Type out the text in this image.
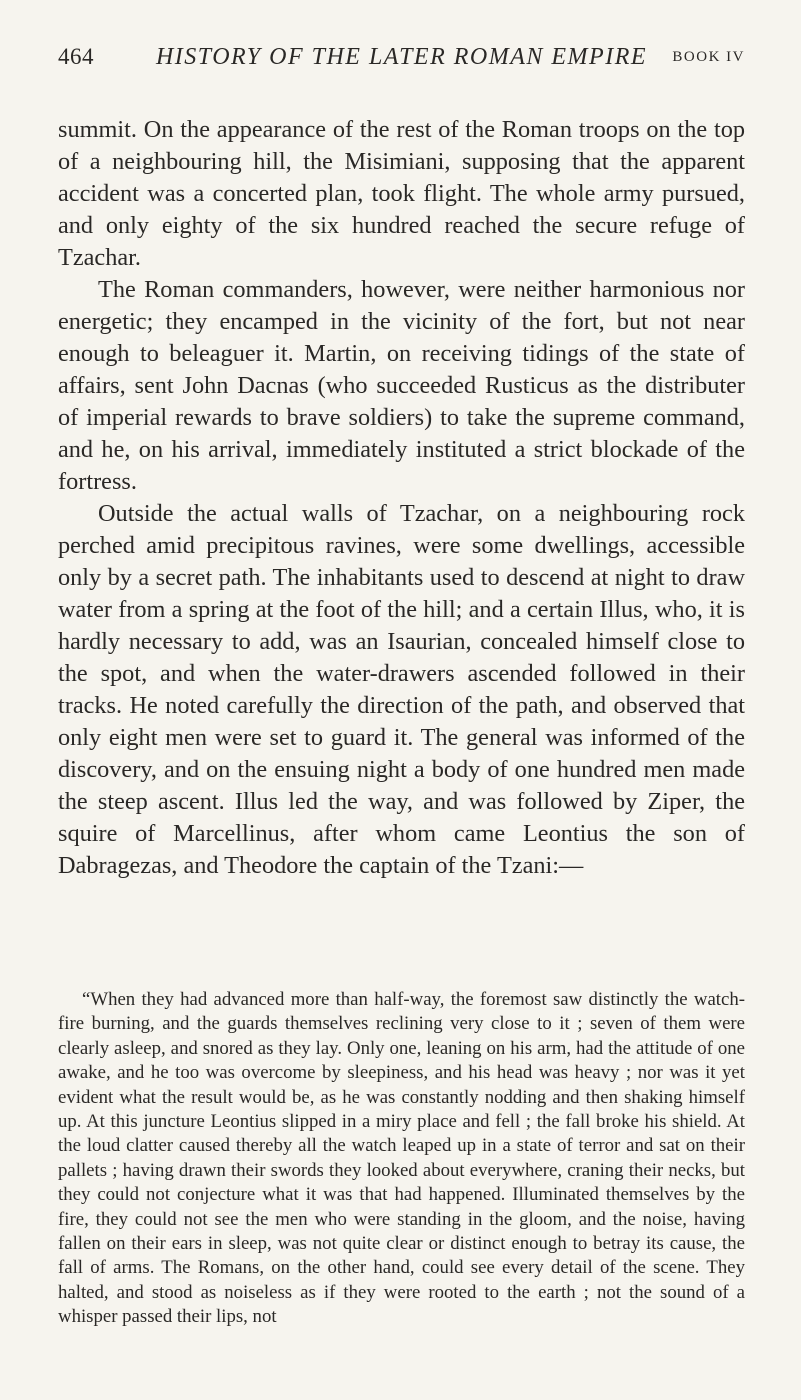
464	HISTORY OF THE LATER ROMAN EMPIRE	BOOK IV

summit. On the appearance of the rest of the Roman troops on the top of a neighbouring hill, the Misimiani, supposing that the apparent accident was a concerted plan, took flight. The whole army pursued, and only eighty of the six hundred reached the secure refuge of Tzachar.

The Roman commanders, however, were neither harmonious nor energetic; they encamped in the vicinity of the fort, but not near enough to beleaguer it. Martin, on receiving tidings of the state of affairs, sent John Dacnas (who succeeded Rusticus as the distributer of imperial rewards to brave soldiers) to take the supreme command, and he, on his arrival, immediately instituted a strict blockade of the fortress.

Outside the actual walls of Tzachar, on a neighbouring rock perched amid precipitous ravines, were some dwellings, accessible only by a secret path. The inhabitants used to descend at night to draw water from a spring at the foot of the hill; and a certain Illus, who, it is hardly necessary to add, was an Isaurian, concealed himself close to the spot, and when the water-drawers ascended followed in their tracks. He noted carefully the direction of the path, and observed that only eight men were set to guard it. The general was informed of the discovery, and on the ensuing night a body of one hundred men made the steep ascent. Illus led the way, and was followed by Ziper, the squire of Marcellinus, after whom came Leontius the son of Dabragezas, and Theodore the captain of the Tzani:—

“When they had advanced more than half-way, the foremost saw distinctly the watch-fire burning, and the guards themselves reclining very close to it ; seven of them were clearly asleep, and snored as they lay. Only one, leaning on his arm, had the attitude of one awake, and he too was overcome by sleepiness, and his head was heavy ; nor was it yet evident what the result would be, as he was constantly nodding and then shaking himself up. At this juncture Leontius slipped in a miry place and fell ; the fall broke his shield. At the loud clatter caused thereby all the watch leaped up in a state of terror and sat on their pallets ; having drawn their swords they looked about everywhere, craning their necks, but they could not conjecture what it was that had happened. Illuminated themselves by the fire, they could not see the men who were standing in the gloom, and the noise, having fallen on their ears in sleep, was not quite clear or distinct enough to betray its cause, the fall of arms. The Romans, on the other hand, could see every detail of the scene. They halted, and stood as noiseless as if they were rooted to the earth ; not the sound of a whisper passed their lips, not
